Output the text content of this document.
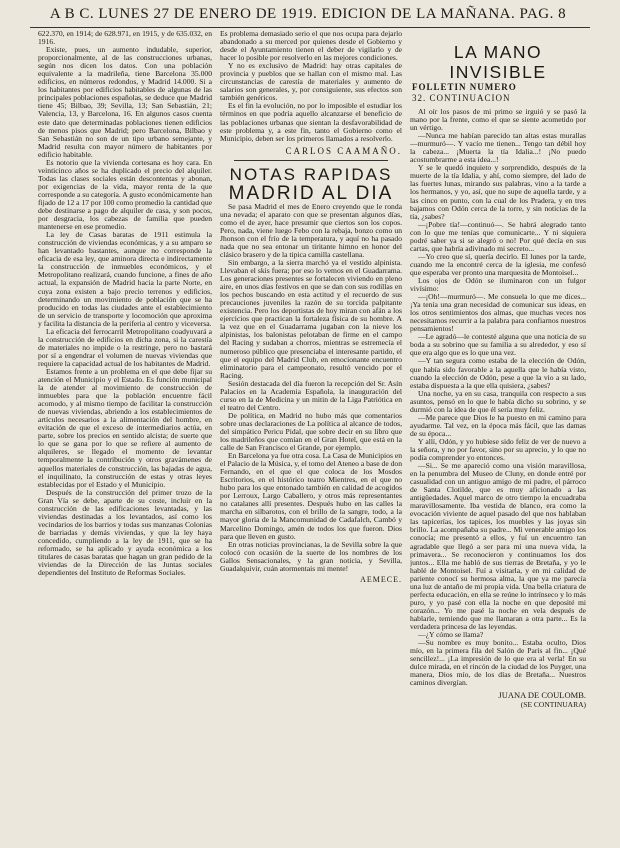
A B C. LUNES 27 DE ENERO DE 1919. EDICION DE LA MAÑANA. PAG. 8

622.370, en 1914; de 628.971, en 1915, y de 635.032, en 1916.

Existe, pues, un aumento indudable, superior, proporcionalmente, al de las construcciones urbanas, según nos dicen los datos. Con una población equivalente a la madrileña, tiene Barcelona 35.000 edificios, en números redondos, y Madrid 14.000. Si a los habitantes por edificios habitables de algunas de las principales poblaciones españolas, se deduce que Madrid tiene 45; Bilbao, 39; Sevilla, 13; San Sebastián, 21; Valencia, 13, y Barcelona, 16. En algunos casos cuenta este dato que determinadas poblaciones tienen edificios de menos pisos que Madrid; pero Barcelona, Bilbao y San Sebastián no son de un tipo urbano semejante, y Madrid resulta con mayor número de habitantes por edificio habitable.

Es notorio que la vivienda cortesana es hoy cara. En veinticinco años se ha duplicado el precio del alquiler. Todas las clases sociales están descontentas y abonan, por exigencias de la vida, mayor renta de la que corresponde a su categoría. A gusto económicamente han fijado de 12 a 17 por 100 como promedio la cantidad que debe destinarse a pago de alquiler de casa, y son pocos, por desgracia, los cabezas de familia que pueden mantenerse en ese promedio.

La ley de Casas baratas de 1911 estimula la construcción de viviendas económicas, y a su amparo se han levantado bastantes, aunque no corresponde la eficacia de esa ley, que aminora directa e indirectamente la construcción de inmuebles económicos, y el Metropolitano realizará, cuando funcione, a fines de año actual, la expansión de Madrid hacia la parte Norte, en cuya zona existen a bajo precio terrenos y edificios, determinando un movimiento de población que se ha producido en todas las ciudades ante el establecimiento de un servicio de transporte y locomoción que aproxima y facilita la distancia de la periferia al centro y viceversa.

La eficacia del ferrocarril Metropolitano coadyuvará a la construcción de edificios en dicha zona, si la carestía de materiales no impide o la restringe, pero no bastará por sí a engendrar el volumen de nuevas viviendas que requiere la capacidad actual de los habitantes de Madrid.

Estamos frente a un problema en el que debe fijar su atención el Municipio y el Estado. Es función municipal la de atender al movimiento de construcción de inmuebles para que la población encuentre fácil acomodo, y al mismo tiempo de facilitar la construcción de nuevas viviendas, abriendo a los establecimientos de artículos necesarios a la alimentación del hombre, en evitación de que el exceso de intermediarios actúa, en parte, sobre los precios en sentido alcista; de suerte que lo que se gana por lo que se refiere al aumento de alquileres, se llegado el momento de levantar temporalmente la contribución y otros gravámenes de aquellos materiales de construcción, las bajadas de agua, el inquilinato, la construcción de estas y otras leyes establecidas por el Estado y el Municipio.

Después de la construcción del primer trozo de la Gran Vía se debe, aparte de su coste, incluir en la construcción de las edificaciones levantadas, y las viviendas destinadas a los levantados, así como los vecindarios de los barrios y todas sus manzanas Colonias de barriadas y demás viviendas, y que la ley haya concedido, cumpliendo a la ley de 1911, que se ha reformado, se ha aplicado y ayuda económica a los titulares de casas baratas que hagan un gran pedido de la viviendas de la Dirección de las Juntas sociales dependientes del Instituto de Reformas Sociales.

Es problema demasiado serio el que nos ocupa para dejarlo abandonado a su merced por quienes desde el Gobierno y desde el Ayuntamiento tienen el deber de vigilarlo y de hacer lo posible por resolverlo en las mejores condiciones.

Y no es exclusivo de Madrid: hay otras capitales de provincia y pueblos que se hallan con el mismo mal. Las circunstancias de carestía de materiales y aumento de salarios son generales, y, por consiguiente, sus efectos son también genéricos.

Es el fin la evolución, no por lo imposible el estudiar los términos en que podría aquello alcanzarse el beneficio de las poblaciones urbanas que sientan la desfavorabilidad de este problema y, a este fin, tanto el Gobierno como el Municipio, deben ser los primeros llamados a resolverlo.

CARLOS CAAMAÑO.
NOTAS RAPIDAS
MADRID AL DIA

Se pasa Madrid el mes de Enero creyendo que le ronda una nevada; el aparato con que se presentan algunos días, como el de ayer, hace presumir que ciertos son los copos. Pero, nada, viene luego Febo con la rebaja, bonzo como un Jhonson con el frío de la temperatura, y aquí no ha pasado nada que no sea entonar un tiritante himno en honor del clásico brasero y de la tipica camilla castellana.

Sin embargo, a la sierra marchó ya el vestido alpinista. Llevaban el skis fuera; por eso lo vemos en el Guadarrama. Los generaciones presentes se fortalecen viviendo en pleno aire, en unos días festivos en que se dan con sus rodillas en los pechos buscando en esta actitud y el recuerdo de sus precauciones juveniles la razón de su torcida palpitante existencia. Pero los deportistas de hoy miran con afán a los ejercicios que practican la fortaleza física de su hombre. A la vez que en el Guadarrama jugaban con la nieve los alpinistas, los balonistas pelotaban de firme en el campo del Racing y sudaban a chorros, mientras se estremecía el numeroso público que presenciaba el interesante partido, el que el equipo del Madrid Club, en emocionante encuentro eliminatorio para el campeonato, resultó vencido por el Racing.

Sesión destacada del día fueron la recepción del Sr. Asín Palacios en la Academia Española, la inauguración del curso en la de Medicina y un mitin de la Liga Patriótica en el teatro del Centro.

De política, en Madrid no hubo más que comentarios sobre unas declaraciones de La política al alcance de todos, del simpático Pericu Pidal, que sobre decir en su libro que los madrileños que comían en el Gran Hotel, que está en la calle de San Francisco el Grande, por ejemplo.

En Barcelona ya fue otra cosa. La Casa de Municipios en el Palacio de la Música, y, el tomo del Ateneo a base de don Fernando, en el que el que coloca de los Mosdos Escritorios, en el histórico teatro Mientres, en el que no hubo para los que entonado también en calidad de acogidos por Lerroux, Largo Caballero, y otros más representantes no catalanes allí presentes. Después hubo en las calles la marcha en silbarotos, con el brillo de la sangre, todo, a la mayor gloria de la Mancomunidad de Cadafalch, Cambó y Marcelino Domingo, amén de todos los que fueron. Dios para que lleven en gusto.

En otras noticias provincianas, la de Sevilla sobre la que colocó con ocasión de la suerte de los nombres de los Gallos Sensacionales, y la gran noticia, y Sevilla, Guadalquivir, cuán atormentais mi mente!

AEMECE.
LA MANO INVISIBLE
FOLLETIN NUMERO
32. CONTINUACION

Al oír los pasos de mi primo se irguió y se pasó la mano por la frente, como el que se siente acometido por un vértigo.

—Nunca me habían parecido tan altas estas murallas—murmuró—. Y vacío me tienen... Tengo tan débil hoy la cabeza... ¡Muerta la tía Idalia...! ¡No puedo acostumbrarme a esta idea...!

Y se le quedó inquieto y sorprendido, después de la muerte de la tía Idalia, y ahí, como siempre, del lado de las fuertes lunas, mirando sus palabras, vino a la tarde a los hermanos, y yo, así, que no supe de aquella tarde, y a las cinco en punto, con la cual de los Pradera, y en tres bajamos con Odón cerca de la torre, y sin noticias de la tía, ¿sabes?

—¡Pobre tía!—continuó—. Se habrá alegrado tanto con lo que me tenías que comunicarte... Y ni siquiera podré saber ya si se alegró o no! Por qué decía en sus cartas, que habría adivinado mi secreto...

—Yo creo que sí, quería decirlo. El lunes por la tarde, cuando me la encontré cerca de la iglesia, me confesó que esperaba ver pronto una marquesita de Montoisel...

Los ojos de Odón se iluminaron con un fulgor vivísimo:

—¡Oh!—murmuró—. Me consuela lo que me dices... ¡Ya tenía una gran necesidad de comunicar sus ideas, en los otros sentimientos dos almas, que muchas veces nos necesitamos recurrir a la palabra para confiarnos nuestros pensamientos!

—Le agradó—le contesté alguna que una noticia de su boda a su sobrino que su familia a su alrededor, y eso sí que era algo que es lo que una vez.

—Y tan segura como estaba de la elección de Odón, que había sido favorable a la aquella que le había visto, cuando la elección de Odón, pese a que la vio a su lado, estaba dispuesta a la que ella quisiera, ¿sabes?

Una noche, ya en su casa, tranquila con respecto a sus asuntos, pensó en lo que le había dicho su sobrino, y se durmió con la idea de que él sería muy feliz.

—Me parece que Dios le ha puesto en mi camino para ayudarme. Tal vez, en la época más fácil, que las damas de su época...

Y allí, Odón, y yo hubiese sido feliz de ver de nuevo a la señora, y no por favor, sino por su aprecio, y lo que no podía comprender yo entonces.

—Si... Se me apareció como una visión maravillosa, en la penumbra del Museo de Cluny, en donde entré por casualidad con un antiguo amigo de mi padre, el párroco de Santa Clotilde, que es muy aficionado a las antigüedades. Aquel marco de otro tiempo la encuadraba maravillosamente. Iba vestida de blanco, era como la evocación viviente de aquel pasado del que nos hablaban las tapicerías, los tapices, los muebles y las joyas sin brillo. La acompañaba su padre... Mi venerable amigo los conocía; me presentó a ellos, y fuí un encuentro tan agradable que llegó a ser para mí una nueva vida, la primavera... Se reconocieron y continuamos los dos juntos... Ella me habló de sus tierras de Bretaña, y yo le hablé de Montoisel. Fuí a visitarla, y en mi calidad de pariente conocí su hermosa alma, la que ya me parecía una luz de antaño de mi propia vida. Una bella criatura de perfecta educación, en ella se reúne lo intrínseco y lo más puro, y yo pasé con ella la noche en que deposité mi corazón... Yo me pasé la noche en vela después de hablarle, temiendo que me llamaran a otra parte... Es la verdadera princesa de las leyendas.

—¿Y cómo se llama?

—Su nombre es muy bonito... Estaba oculto, Dios mío, en la primera fila del Salón de París al fin... ¡Qué sencillez!... ¡La impresión de lo que era al verla! En su dulce mirada, en el rincón de la ciudad de los Puyger, una manera, Dios mío, de los días de Bretaña... Nuestros caminos divergían.

JUANA DE COULOMB.
(SE CONTINUARA)
